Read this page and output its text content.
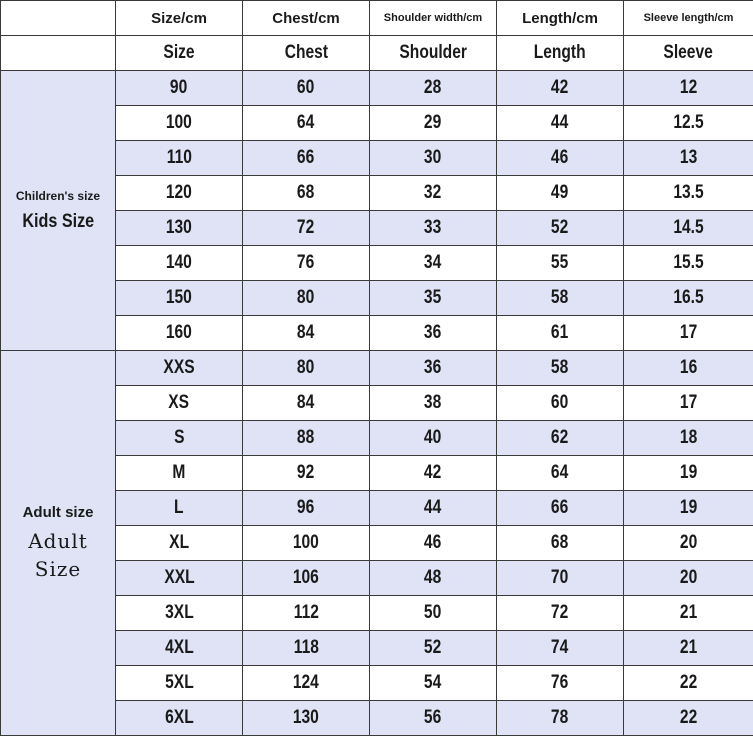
	Size/cm	Chest/cm	Shoulder width/cm	Length/cm	Sleeve length/cm
	Size	Chest	Shoulder	Length	Sleeve

Children's size
Kids Size	90	60	28	42	12
	100	64	29	44	12.5
	110	66	30	46	13
	120	68	32	49	13.5
	130	72	33	52	14.5
	140	76	34	55	15.5
	150	80	35	58	16.5
	160	84	36	61	17

Adult size
Adult
Size	XXS	80	36	58	16
	XS	84	38	60	17
	S	88	40	62	18
	M	92	42	64	19
	L	96	44	66	19
	XL	100	46	68	20
	XXL	106	48	70	20
	3XL	112	50	72	21
	4XL	118	52	74	21
	5XL	124	54	76	22
	6XL	130	56	78	22
